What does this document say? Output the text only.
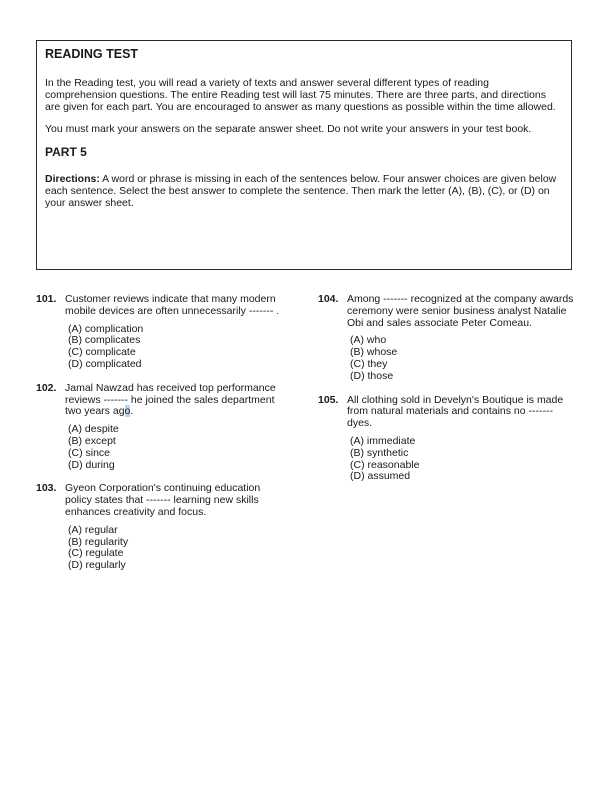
READING TEST

In the Reading test, you will read a variety of texts and answer several different types of reading comprehension questions. The entire Reading test will last 75 minutes. There are three parts, and directions are given for each part. You are encouraged to answer as many questions as possible within the time allowed.

You must mark your answers on the separate answer sheet. Do not write your answers in your test book.

PART 5

Directions: A word or phrase is missing in each of the sentences below. Four answer choices are given below each sentence. Select the best answer to complete the sentence. Then mark the letter (A), (B), (C), or (D) on your answer sheet.

101. Customer reviews indicate that many modern mobile devices are often unnecessarily ------- .
(A) complication
(B) complicates
(C) complicate
(D) complicated
102. Jamal Nawzad has received top performance reviews ------- he joined the sales department two years ago.
(A) despite
(B) except
(C) since
(D) during
103. Gyeon Corporation's continuing education policy states that ------- learning new skills enhances creativity and focus.
(A) regular
(B) regularity
(C) regulate
(D) regularly
104. Among ------- recognized at the company awards ceremony were senior business analyst Natalie Obi and sales associate Peter Comeau.
(A) who
(B) whose
(C) they
(D) those
105. All clothing sold in Develyn's Boutique is made from natural materials and contains no ------- dyes.
(A) immediate
(B) synthetic
(C) reasonable
(D) assumed
